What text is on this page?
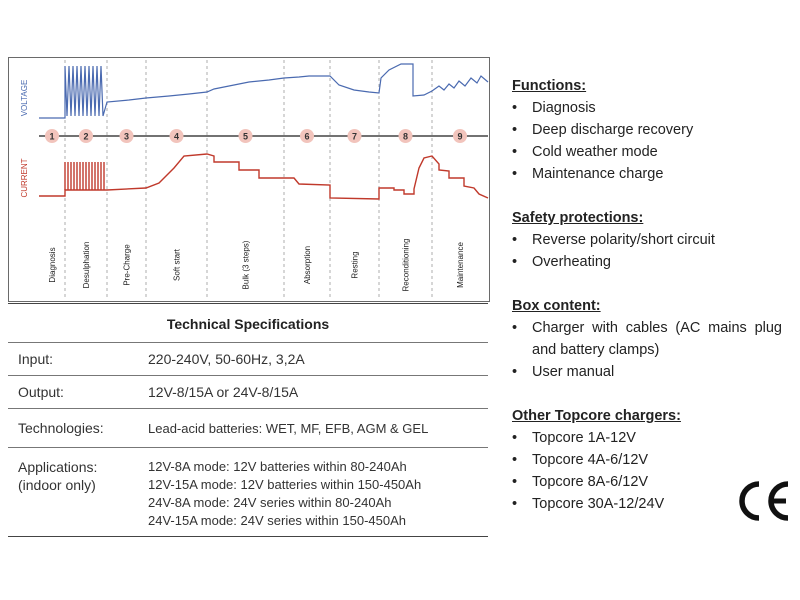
VOLTAGE
CURRENT
1	2	3	4	5	6	7	8	9
Diagnosis	Desulphation	Pre-Charge	Soft start	Bulk (3 steps)	Absorption	Resting	Reconditioning	Maintenance
Technical Specifications
Input:	220-240V, 50-60Hz, 3,2A
Output:	12V-8/15A or 24V-8/15A
Technologies:	Lead-acid batteries: WET, MF, EFB, AGM & GEL
Applications:
(indoor only)
12V-8A mode: 12V batteries within 80-240Ah
12V-15A mode: 12V batteries within 150-450Ah
24V-8A mode: 24V series within 80-240Ah
24V-15A mode: 24V series within 150-450Ah
Functions:
• Diagnosis
• Deep discharge recovery
• Cold weather mode
• Maintenance charge
Safety protections:
• Reverse polarity/short circuit
• Overheating
Box content:
• Charger with cables (AC mains plug and battery clamps)
• User manual
Other Topcore chargers:
• Topcore 1A-12V
• Topcore 4A-6/12V
• Topcore 8A-6/12V
• Topcore 30A-12/24V
